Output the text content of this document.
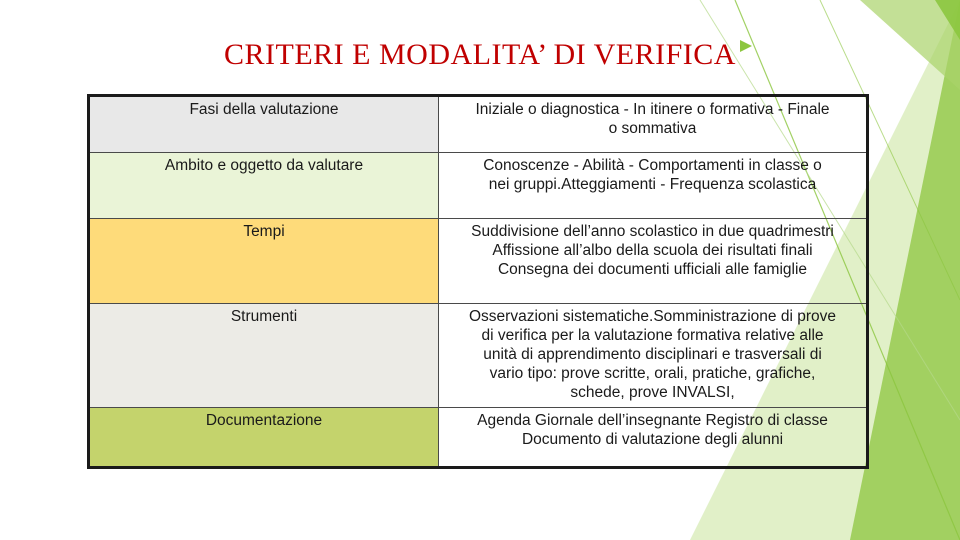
CRITERI E MODALITA’ DI VERIFICA
Fasi della valutazione	Iniziale o diagnostica - In itinere o formativa - Finale
o sommativa

Ambito e oggetto da valutare	Conoscenze - Abilità - Comportamenti in classe o
nei gruppi.Atteggiamenti - Frequenza scolastica

Tempi	Suddivisione dell’anno scolastico in due quadrimestri
Affissione all’albo della scuola dei risultati finali
Consegna dei documenti ufficiali alle famiglie

Strumenti	Osservazioni sistematiche.Somministrazione di prove
di verifica per la valutazione formativa relative alle
unità di apprendimento disciplinari e trasversali di
vario tipo: prove scritte, orali, pratiche, grafiche,
schede, prove INVALSI,

Documentazione	Agenda Giornale dell’insegnante Registro di classe
Documento di valutazione degli alunni
